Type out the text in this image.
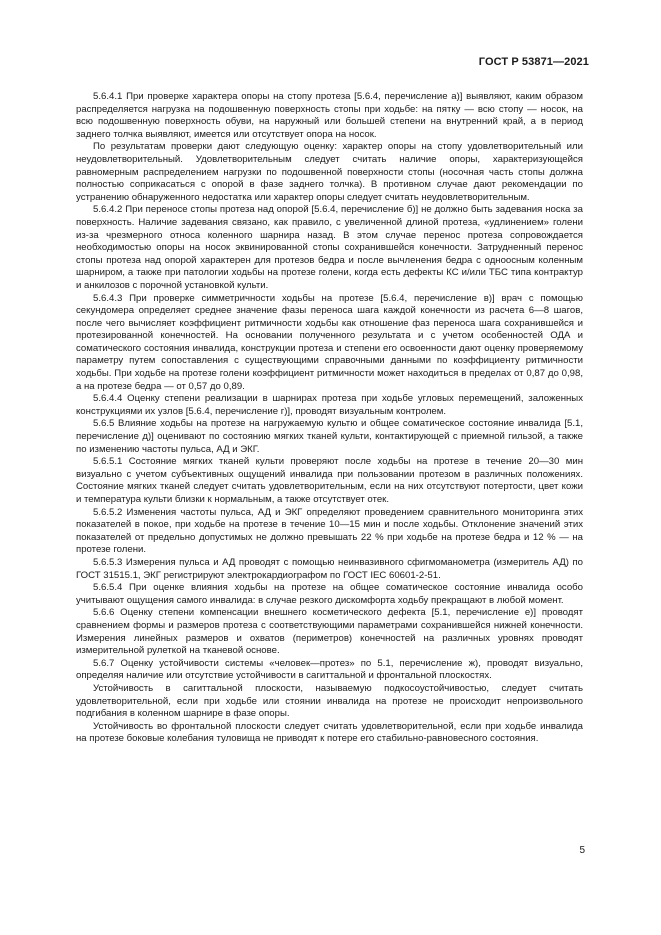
ГОСТ Р 53871—2021

5.6.4.1 При проверке характера опоры на стопу протеза [5.6.4, перечисление а)] выявляют, каким образом распределяется нагрузка на подошвенную поверхность стопы при ходьбе: на пятку — всю стопу — носок, на всю подошвенную поверхность обуви, на наружный или большей степени на внутренний край, а в период заднего толчка выявляют, имеется или отсутствует опора на носок.

По результатам проверки дают следующую оценку: характер опоры на стопу удовлетворительный или неудовлетворительный. Удовлетворительным следует считать наличие опоры, характеризующейся равномерным распределением нагрузки по подошвенной поверхности стопы (носочная часть стопы должна полностью соприкасаться с опорой в фазе заднего толчка). В противном случае дают рекомендации по устранению обнаруженного недостатка или характер опоры следует считать неудовлетворительным.

5.6.4.2 При переносе стопы протеза над опорой [5.6.4, перечисление б)] не должно быть задевания носка за поверхность. Наличие задевания связано, как правило, с увеличенной длиной протеза, «удлинением» голени из-за чрезмерного относа коленного шарнира назад. В этом случае перенос протеза сопровождается необходимостью опоры на носок эквинированной стопы сохранившейся конечности. Затрудненный перенос стопы протеза над опорой характерен для протезов бедра и после вычленения бедра с одноосным коленным шарниром, а также при патологии ходьбы на протезе голени, когда есть дефекты КС и/или ТБС типа контрактур и анкилозов с порочной установкой культи.

5.6.4.3 При проверке симметричности ходьбы на протезе [5.6.4, перечисление в)] врач с помощью секундомера определяет среднее значение фазы переноса шага каждой конечности из расчета 6—8 шагов, после чего вычисляет коэффициент ритмичности ходьбы как отношение фаз переноса шага сохранившейся и протезированной конечностей. На основании полученного результата и с учетом особенностей ОДА и соматического состояния инвалида, конструкции протеза и степени его освоенности дают оценку проверяемому параметру путем сопоставления с существующими справочными данными по коэффициенту ритмичности ходьбы. При ходьбе на протезе голени коэффициент ритмичности может находиться в пределах от 0,87 до 0,98, а на протезе бедра — от 0,57 до 0,89.

5.6.4.4 Оценку степени реализации в шарнирах протеза при ходьбе угловых перемещений, заложенных конструкциями их узлов [5.6.4, перечисление г)], проводят визуальным контролем.

5.6.5 Влияние ходьбы на протезе на нагружаемую культю и общее соматическое состояние инвалида [5.1, перечисление д)] оценивают по состоянию мягких тканей культи, контактирующей с приемной гильзой, а также по изменению частоты пульса, АД и ЭКГ.

5.6.5.1 Состояние мягких тканей культи проверяют после ходьбы на протезе в течение 20—30 мин визуально с учетом субъективных ощущений инвалида при пользовании протезом в различных положениях. Состояние мягких тканей следует считать удовлетворительным, если на них отсутствуют потертости, цвет кожи и температура культи близки к нормальным, а также отсутствует отек.

5.6.5.2 Изменения частоты пульса, АД и ЭКГ определяют проведением сравнительного мониторинга этих показателей в покое, при ходьбе на протезе в течение 10—15 мин и после ходьбы. Отклонение значений этих показателей от предельно допустимых не должно превышать 22 % при ходьбе на протезе бедра и 12 % — на протезе голени.

5.6.5.3 Измерения пульса и АД проводят с помощью неинвазивного сфигмоманометра (измеритель АД) по ГОСТ 31515.1, ЭКГ регистрируют электрокардиографом по ГОСТ IEC 60601-2-51.

5.6.5.4 При оценке влияния ходьбы на протезе на общее соматическое состояние инвалида особо учитывают ощущения самого инвалида: в случае резкого дискомфорта ходьбу прекращают в любой момент.

5.6.6 Оценку степени компенсации внешнего косметического дефекта [5.1, перечисление е)] проводят сравнением формы и размеров протеза с соответствующими параметрами сохранившейся нижней конечности. Измерения линейных размеров и охватов (периметров) конечностей на различных уровнях проводят измерительной рулеткой на тканевой основе.

5.6.7 Оценку устойчивости системы «человек—протез» по 5.1, перечисление ж), проводят визуально, определяя наличие или отсутствие устойчивости в сагиттальной и фронтальной плоскостях.

Устойчивость в сагиттальной плоскости, называемую подкосоустойчивостью, следует считать удовлетворительной, если при ходьбе или стоянии инвалида на протезе не происходит непроизвольного подгибания в коленном шарнире в фазе опоры.

Устойчивость во фронтальной плоскости следует считать удовлетворительной, если при ходьбе инвалида на протезе боковые колебания туловища не приводят к потере его стабильно-равновесного состояния.

5
